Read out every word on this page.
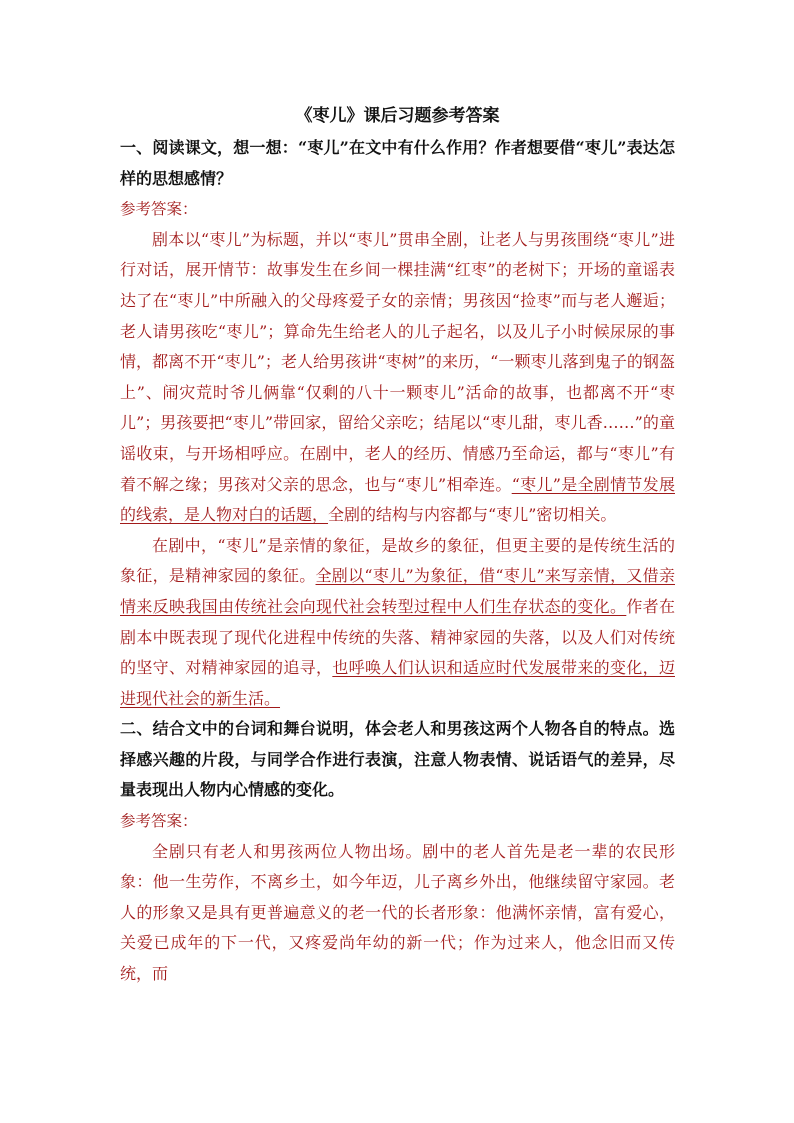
《枣儿》课后习题参考答案

一、阅读课文，想一想：“枣儿”在文中有什么作用？作者想要借“枣儿”表达怎样的思想感情？

参考答案：

剧本以“枣儿”为标题，并以“枣儿”贯串全剧，让老人与男孩围绕“枣儿”进行对话，展开情节：故事发生在乡间一棵挂满“红枣”的老树下；开场的童谣表达了在“枣儿”中所融入的父母疼爱子女的亲情；男孩因“捡枣”而与老人邂逅；老人请男孩吃“枣儿”；算命先生给老人的儿子起名，以及儿子小时候尿尿的事情，都离不开“枣儿”；老人给男孩讲“枣树”的来历，“一颗枣儿落到鬼子的钢盔上”、闹灾荒时爷儿俩靠“仅剩的八十一颗枣儿”活命的故事，也都离不开“枣儿”；男孩要把“枣儿”带回家，留给父亲吃；结尾以“枣儿甜，枣儿香……”的童谣收束，与开场相呼应。在剧中，老人的经历、情感乃至命运，都与“枣儿”有着不解之缘；男孩对父亲的思念，也与“枣儿”相牵连。“枣儿”是全剧情节发展的线索，是人物对白的话题，全剧的结构与内容都与“枣儿”密切相关。

在剧中，“枣儿”是亲情的象征，是故乡的象征，但更主要的是传统生活的象征，是精神家园的象征。全剧以“枣儿”为象征，借“枣儿”来写亲情，又借亲情来反映我国由传统社会向现代社会转型过程中人们生存状态的变化。作者在剧本中既表现了现代化进程中传统的失落、精神家园的失落，以及人们对传统的坚守、对精神家园的追寻，也呼唤人们认识和适应时代发展带来的变化，迈进现代社会的新生活。

二、结合文中的台词和舞台说明，体会老人和男孩这两个人物各自的特点。选择感兴趣的片段，与同学合作进行表演，注意人物表情、说话语气的差异，尽量表现出人物内心情感的变化。

参考答案：

全剧只有老人和男孩两位人物出场。剧中的老人首先是老一辈的农民形象：他一生劳作，不离乡土，如今年迈，儿子离乡外出，他继续留守家园。老人的形象又是具有更普遍意义的老一代的长者形象：他满怀亲情，富有爱心，关爱已成年的下一代，又疼爱尚年幼的新一代；作为过来人，他念旧而又传统，而
